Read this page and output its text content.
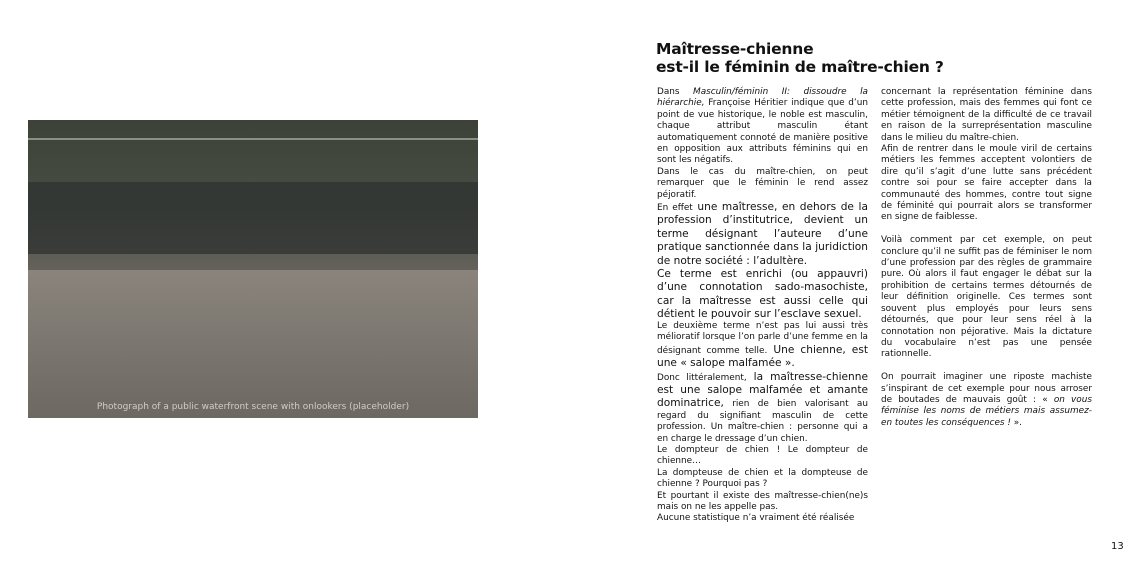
Photograph of a public waterfront scene with onlookers (placeholder)
Maîtresse-chienne
est-il le féminin de maître-chien ?

Dans Masculin/féminin II: dissoudre la hiérarchie, Françoise Héritier indique que d’un point de vue historique, le noble est masculin, chaque attribut masculin étant automatiquement connoté de manière positive en opposition aux attributs féminins qui en sont les négatifs.

Dans le cas du maître-chien, on peut remarquer que le féminin le rend assez péjoratif.

En effet une maîtresse, en dehors de la profession d’institutrice, devient un terme désignant l’auteure d’une pratique sanctionnée dans la juridiction de notre société : l’adultère.

Ce terme est enrichi (ou appauvri) d’une connotation sado-masochiste, car la maîtresse est aussi celle qui détient le pouvoir sur l’esclave sexuel.

Le deuxième terme n’est pas lui aussi très mélioratif lorsque l’on parle d’une femme en la désignant comme telle. Une chienne, est une « salope malfamée ».

Donc littéralement, la maîtresse-chienne est une salope malfamée et amante dominatrice, rien de bien valorisant au regard du signifiant masculin de cette profession. Un maître-chien : personne qui a en charge le dressage d’un chien.

Le dompteur de chien ! Le dompteur de chienne…

La dompteuse de chien et la dompteuse de chienne ? Pourquoi pas ?

Et pourtant il existe des maîtresse-chien(ne)s mais on ne les appelle pas.

Aucune statistique n’a vraiment été réalisée

concernant la représentation féminine dans cette profession, mais des femmes qui font ce métier témoignent de la difficulté de ce travail en raison de la surreprésentation masculine dans le milieu du maître-chien.

Afin de rentrer dans le moule viril de certains métiers les femmes acceptent volontiers de dire qu’il s’agit d’une lutte sans précédent contre soi pour se faire accepter dans la communauté des hommes, contre tout signe de féminité qui pourrait alors se transformer en signe de faiblesse.

Voilà comment par cet exemple, on peut conclure qu’il ne suffit pas de féminiser le nom d’une profession par des règles de grammaire pure. Où alors il faut engager le débat sur la prohibition de certains termes détournés de leur définition originelle. Ces termes sont souvent plus employés pour leurs sens détournés, que pour leur sens réel à la connotation non péjorative. Mais la dictature du vocabulaire n’est pas une pensée rationnelle.

On pourrait imaginer une riposte machiste s’inspirant de cet exemple pour nous arroser de boutades de mauvais goût : « on vous féminise les noms de métiers mais assumez-en toutes les conséquences ! ».

13
